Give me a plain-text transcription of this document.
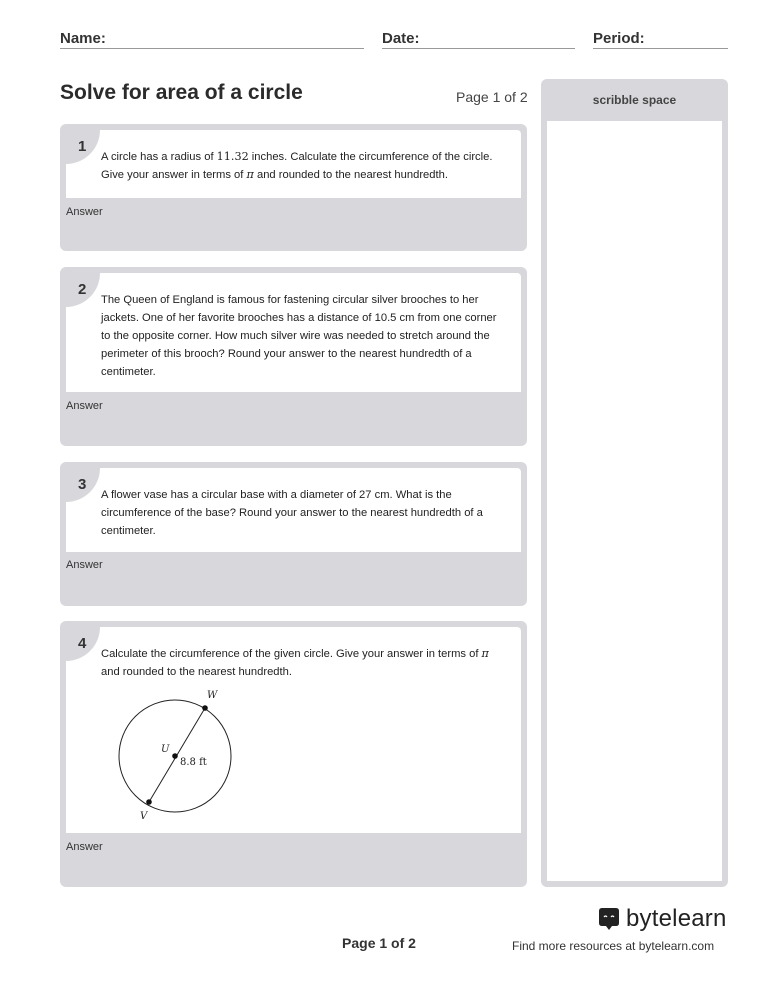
Name:	Date:	Period:
Solve for area of a circle	Page 1 of 2
1
A circle has a radius of 11.32 inches. Calculate the circumference of the circle. Give your answer in terms of π and rounded to the nearest hundredth.
Answer
2
The Queen of England is famous for fastening circular silver brooches to her jackets. One of her favorite brooches has a distance of 10.5 cm from one corner to the opposite corner. How much silver wire was needed to stretch around the perimeter of this brooch? Round your answer to the nearest hundredth of a centimeter.
Answer
3
A flower vase has a circular base with a diameter of 27 cm. What is the circumference of the base? Round your answer to the nearest hundredth of a centimeter.
Answer
4
Calculate the circumference of the given circle. Give your answer in terms of π and rounded to the nearest hundredth.
W
U
V
8.8 ft
Answer
scribble space
Page 1 of 2
bytelearn
Find more resources at bytelearn.com
